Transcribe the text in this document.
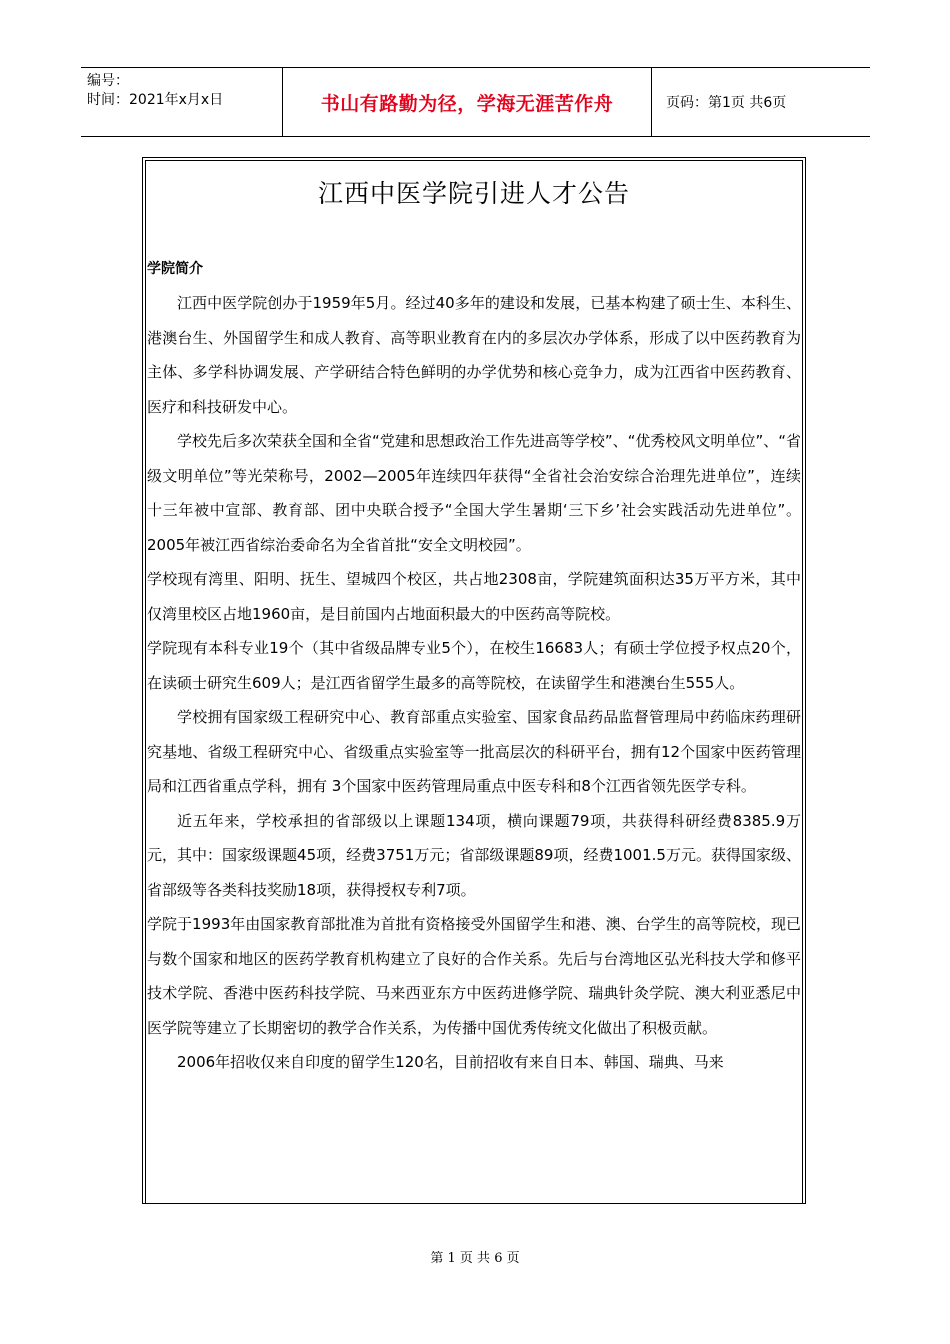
编号：
时间：2021年x月x日	书山有路勤为径，学海无涯苦作舟	页码：第1页 共6页
江西中医学院引进人才公告
学院简介

江西中医学院创办于1959年5月。经过40多年的建设和发展，已基本构建了硕士生、本科生、港澳台生、外国留学生和成人教育、高等职业教育在内的多层次办学体系，形成了以中医药教育为主体、多学科协调发展、产学研结合特色鲜明的办学优势和核心竞争力，成为江西省中医药教育、医疗和科技研发中心。

学校先后多次荣获全国和全省“党建和思想政治工作先进高等学校”、“优秀校风文明单位”、“省级文明单位”等光荣称号，2002—2005年连续四年获得“全省社会治安综合治理先进单位”，连续十三年被中宣部、教育部、团中央联合授予“全国大学生暑期‘三下乡’社会实践活动先进单位”。2005年被江西省综治委命名为全省首批“安全文明校园”。

学校现有湾里、阳明、抚生、望城四个校区，共占地2308亩，学院建筑面积达35万平方米，其中仅湾里校区占地1960亩，是目前国内占地面积最大的中医药高等院校。

学院现有本科专业19个（其中省级品牌专业5个），在校生16683人；有硕士学位授予权点20个，在读硕士研究生609人；是江西省留学生最多的高等院校，在读留学生和港澳台生555人。

学校拥有国家级工程研究中心、教育部重点实验室、国家食品药品监督管理局中药临床药理研究基地、省级工程研究中心、省级重点实验室等一批高层次的科研平台，拥有12个国家中医药管理局和江西省重点学科，拥有 3个国家中医药管理局重点中医专科和8个江西省领先医学专科。

近五年来，学校承担的省部级以上课题134项，横向课题79项，共获得科研经费8385.9万元，其中：国家级课题45项，经费3751万元；省部级课题89项，经费1001.5万元。获得国家级、省部级等各类科技奖励18项，获得授权专利7项。

学院于1993年由国家教育部批准为首批有资格接受外国留学生和港、澳、台学生的高等院校，现已与数个国家和地区的医药学教育机构建立了良好的合作关系。先后与台湾地区弘光科技大学和修平技术学院、香港中医药科技学院、马来西亚东方中医药进修学院、瑞典针灸学院、澳大利亚悉尼中医学院等建立了长期密切的教学合作关系，为传播中国优秀传统文化做出了积极贡献。

2006年招收仅来自印度的留学生120名，目前招收有来自日本、韩国、瑞典、马来

第 1 页 共 6 页
